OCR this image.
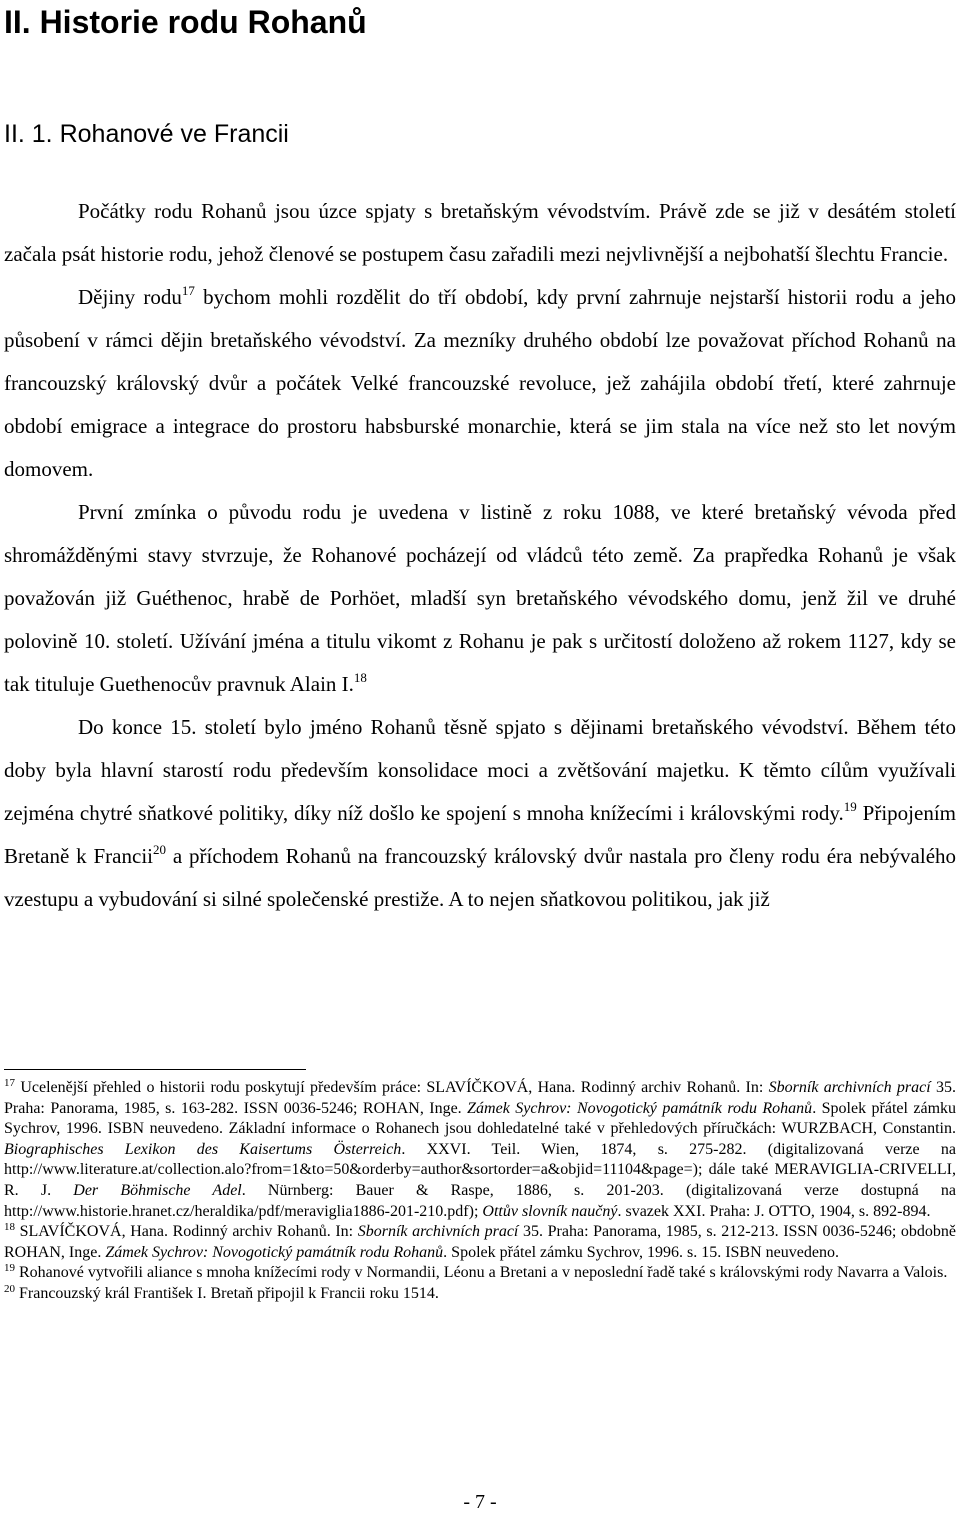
II. Historie rodu Rohanů
II. 1. Rohanové ve Francii

Počátky rodu Rohanů jsou úzce spjaty s bretaňským vévodstvím. Právě zde se již v desátém století začala psát historie rodu, jehož členové se postupem času zařadili mezi nejvlivnější a nejbohatší šlechtu Francie.

Dějiny rodu$^{17}$ bychom mohli rozdělit do tří období, kdy první zahrnuje nejstarší historii rodu a jeho působení v rámci dějin bretaňského vévodství. Za mezníky druhého období lze považovat příchod Rohanů na francouzský královský dvůr a počátek Velké francouzské revoluce, jež zahájila období třetí, které zahrnuje období emigrace a integrace do prostoru habsburské monarchie, která se jim stala na více než sto let novým domovem.

První zmínka o původu rodu je uvedena v listině z roku 1088, ve které bretaňský vévoda před shromážděnými stavy stvrzuje, že Rohanové pocházejí od vládců této země. Za prapředka Rohanů je však považován již Guéthenoc, hrabě de Porhöet, mladší syn bretaňského vévodského domu, jenž žil ve druhé polovině 10. století. Užívání jména a titulu vikomt z Rohanu je pak s určitostí doloženo až rokem 1127, kdy se tak tituluje Guethenocův pravnuk Alain I.$^{18}$

Do konce 15. století bylo jméno Rohanů těsně spjato s dějinami bretaňského vévodství. Během této doby byla hlavní starostí rodu především konsolidace moci a zvětšování majetku. K těmto cílům využívali zejména chytré sňatkové politiky, díky níž došlo ke spojení s mnoha knížecími i královskými rody.$^{19}$ Připojením Bretaně k Francii$^{20}$ a příchodem Rohanů na francouzský královský dvůr nastala pro členy rodu éra nebývalého vzestupu a vybudování si silné společenské prestiže. A to nejen sňatkovou politikou, jak již

$^{17}$ Ucelenější přehled o historii rodu poskytují především práce: SLAVÍČKOVÁ, Hana. Rodinný archiv Rohanů. In: Sborník archivních prací 35. Praha: Panorama, 1985, s. 163-282. ISSN 0036-5246; ROHAN, Inge. Zámek Sychrov: Novogotický památník rodu Rohanů. Spolek přátel zámku Sychrov, 1996. ISBN neuvedeno. Základní informace o Rohanech jsou dohledatelné také v přehledových příručkách: WURZBACH, Constantin. Biographisches Lexikon des Kaisertums Österreich. XXVI. Teil. Wien, 1874, s. 275-282. (digitalizovaná verze na http://www.literature.at/collection.alo?from=1&to=50&orderby=author&sortorder=a&objid=11104&page=); dále také MERAVIGLIA-CRIVELLI, R. J. Der Böhmische Adel. Nürnberg: Bauer & Raspe, 1886, s. 201-203. (digitalizovaná verze dostupná na http://www.historie.hranet.cz/heraldika/pdf/meraviglia1886-201-210.pdf); Ottův slovník naučný. svazek XXI. Praha: J. OTTO, 1904, s. 892-894.

$^{18}$ SLAVÍČKOVÁ, Hana. Rodinný archiv Rohanů. In: Sborník archivních prací 35. Praha: Panorama, 1985, s. 212-213. ISSN 0036-5246; obdobně ROHAN, Inge. Zámek Sychrov: Novogotický památník rodu Rohanů. Spolek přátel zámku Sychrov, 1996. s. 15. ISBN neuvedeno.

$^{19}$ Rohanové vytvořili aliance s mnoha knížecími rody v Normandii, Léonu a Bretani a v neposlední řadě také s královskými rody Navarra a Valois.

$^{20}$ Francouzský král František I. Bretaň připojil k Francii roku 1514.

- 7 -
